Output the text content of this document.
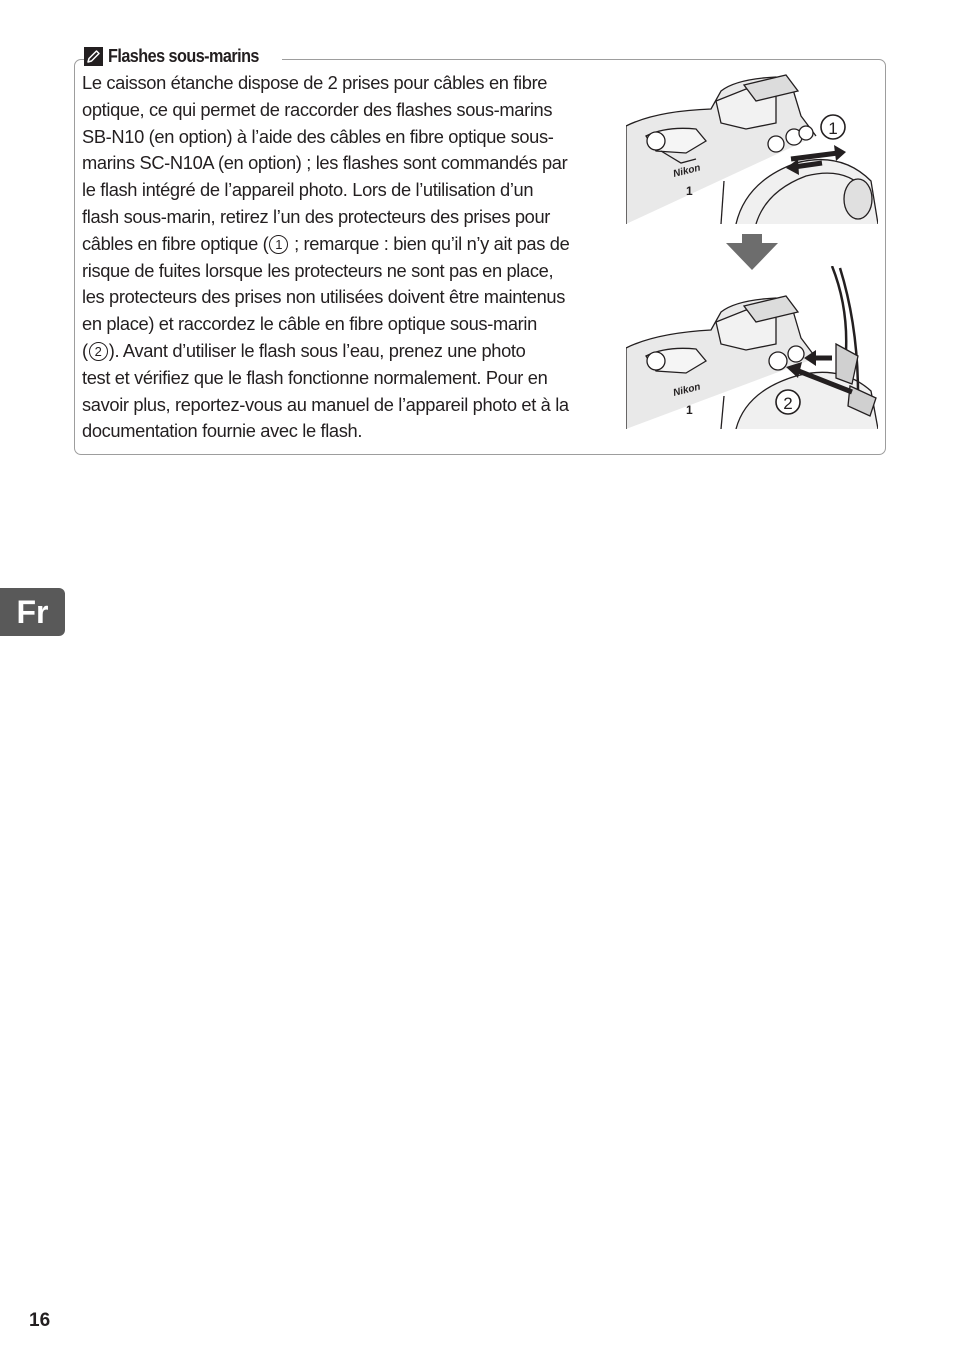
Flashes sous-marins

Le caisson étanche dispose de 2 prises pour câbles en fibre
optique, ce qui permet de raccorder des flashes sous-marins
SB-N10 (en option) à l’aide des câbles en fibre optique sous-
marins SC-N10A (en option) ; les flashes sont commandés par
le flash intégré de l’appareil photo. Lors de l’utilisation d’un
flash sous-marin, retirez l’un des protecteurs des prises pour
câbles en fibre optique ( 1 ; remarque : bien qu’il n’y ait pas de
risque de fuites lorsque les protecteurs ne sont pas en place,
les protecteurs des prises non utilisées doivent être maintenus
en place) et raccordez le câble en fibre optique sous-marin
( 2 ). Avant d’utiliser le flash sous l’eau, prenez une photo
test et vérifiez que le flash fonctionne normalement. Pour en
savoir plus, reportez-vous au manuel de l’appareil photo et à la
documentation fournie avec le flash.

Nikon
1
1
Nikon
1	2
Fr
16
